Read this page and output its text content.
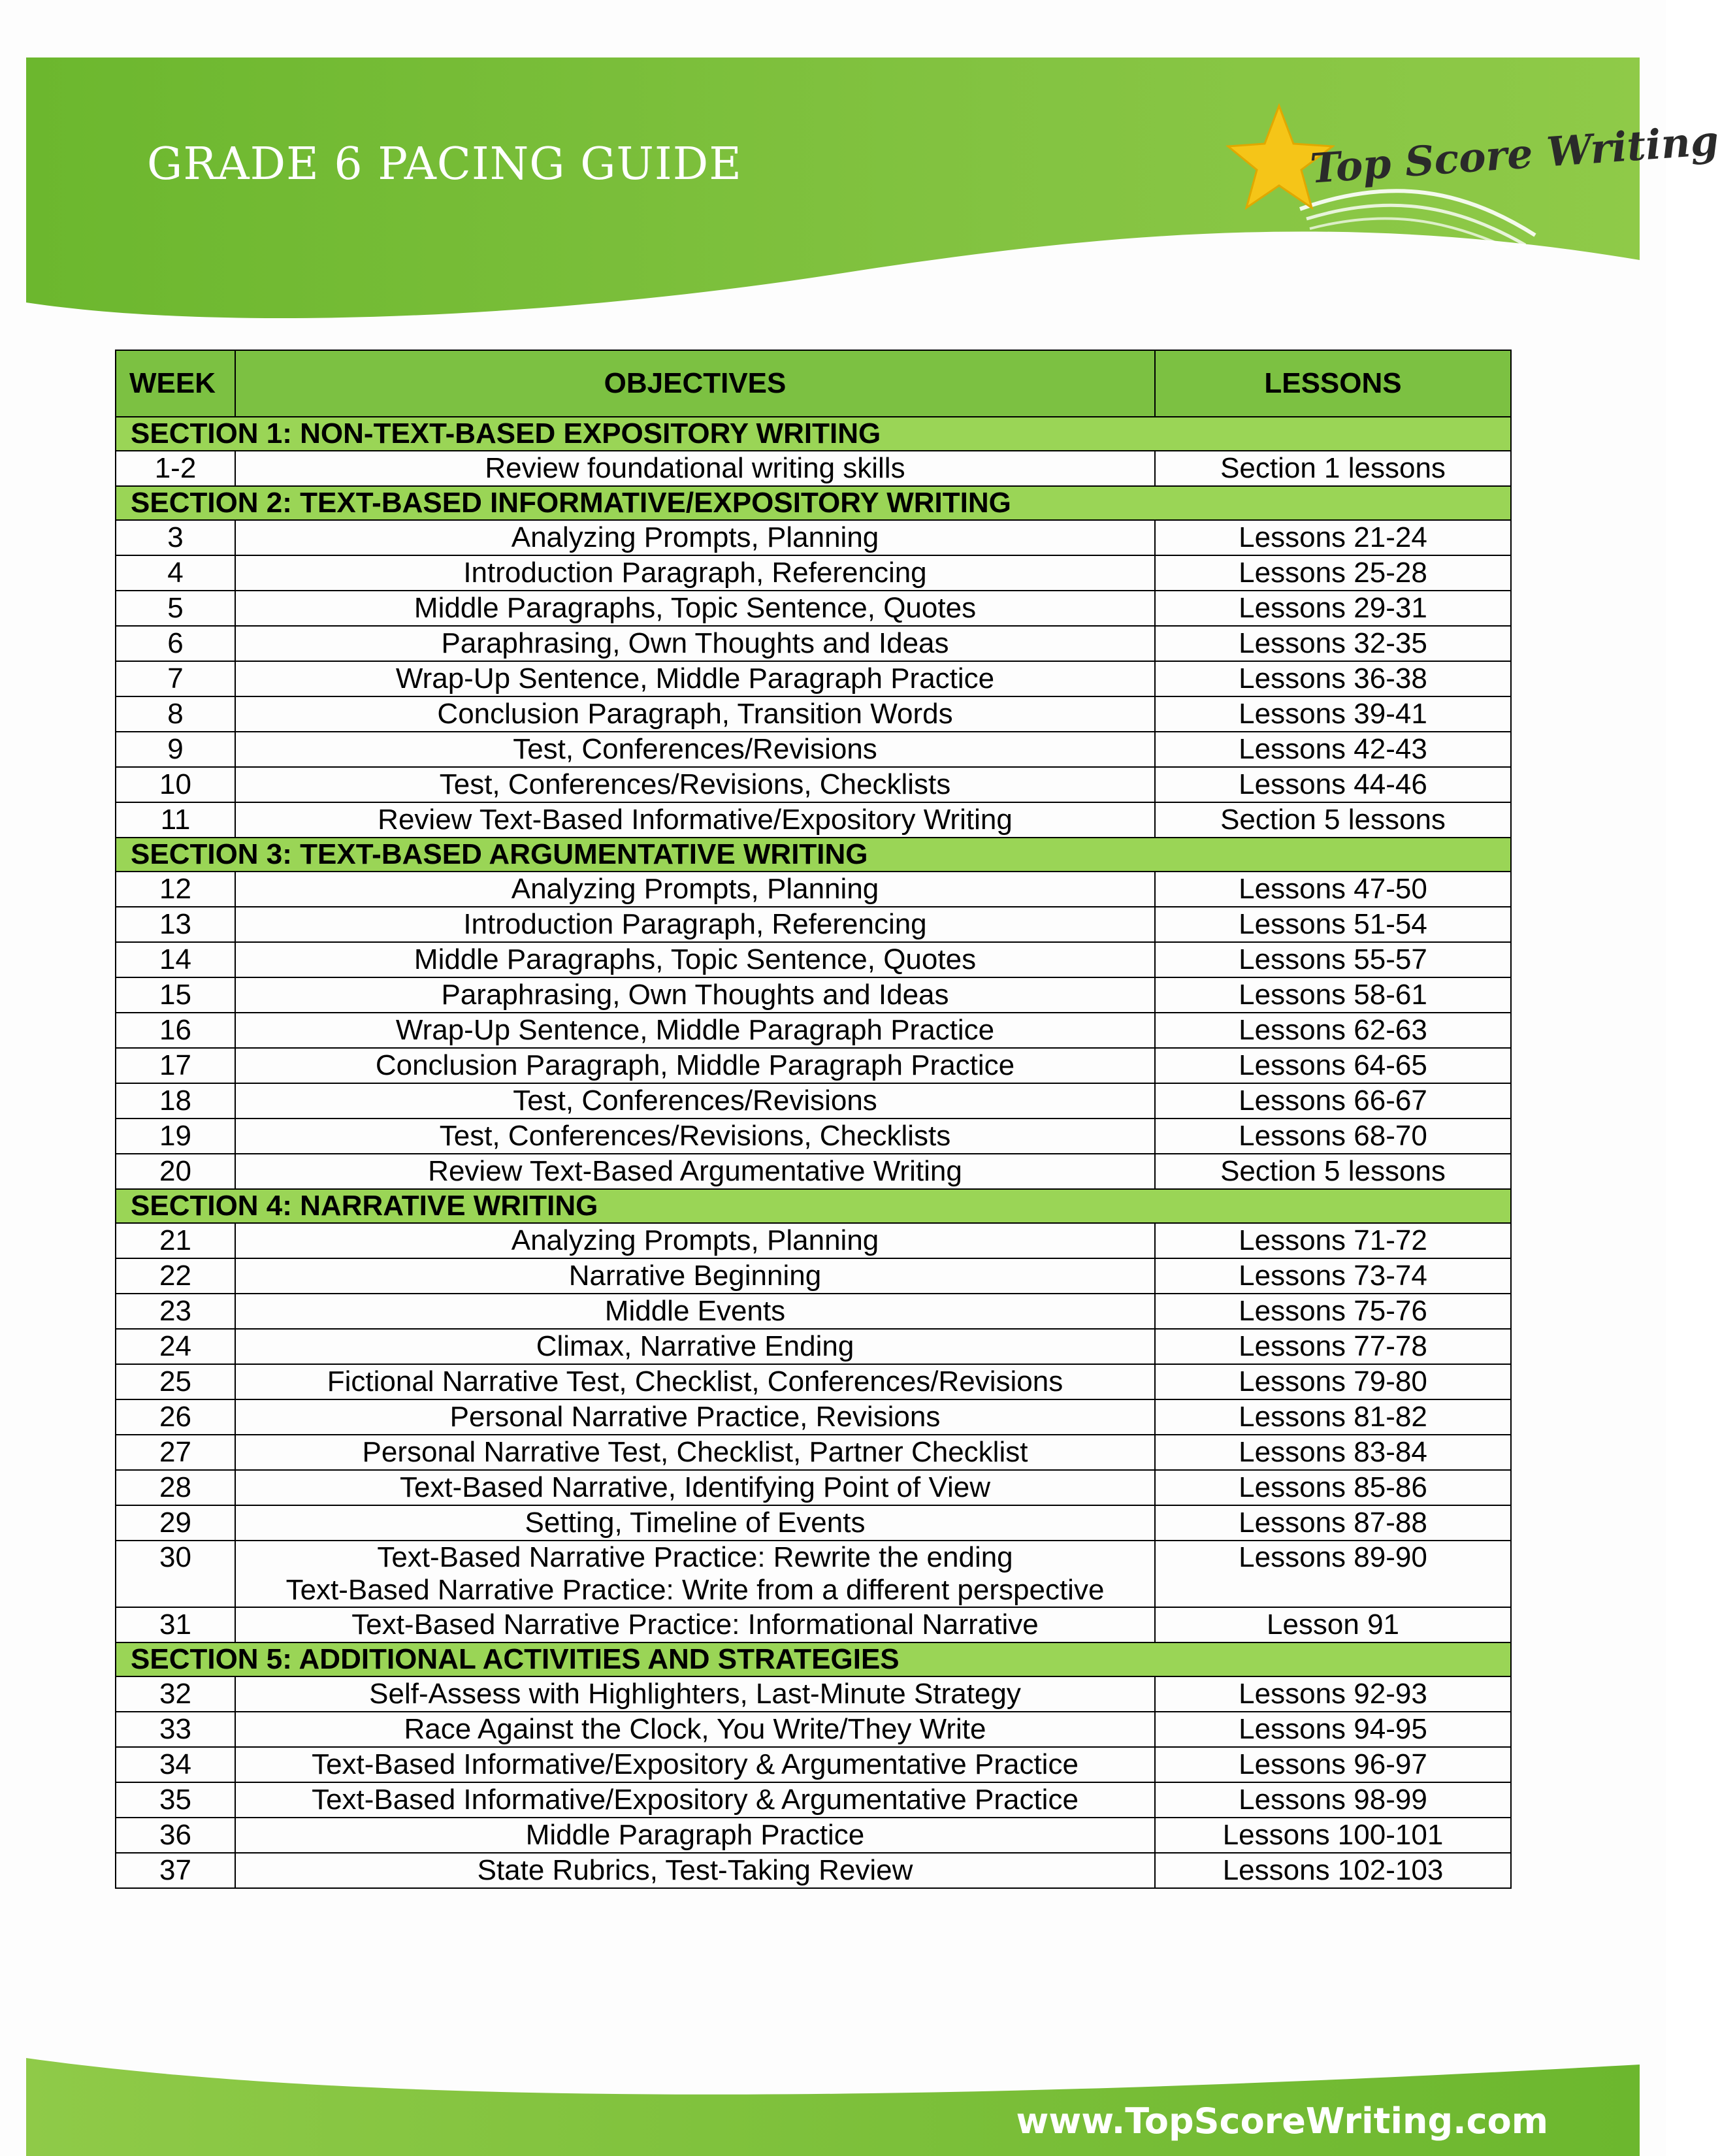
GRADE 6 PACING GUIDE	Top Score Writing
WEEK	OBJECTIVES	LESSONS
SECTION 1: NON-TEXT-BASED EXPOSITORY WRITING		
1-2	Review foundational writing skills	Section 1 lessons
SECTION 2: TEXT-BASED INFORMATIVE/EXPOSITORY WRITING		
3	Analyzing Prompts, Planning	Lessons 21-24
4	Introduction Paragraph, Referencing	Lessons 25-28
5	Middle Paragraphs, Topic Sentence, Quotes	Lessons 29-31
6	Paraphrasing, Own Thoughts and Ideas	Lessons 32-35
7	Wrap-Up Sentence, Middle Paragraph Practice	Lessons 36-38
8	Conclusion Paragraph, Transition Words	Lessons 39-41
9	Test, Conferences/Revisions	Lessons 42-43
10	Test, Conferences/Revisions, Checklists	Lessons 44-46
11	Review Text-Based Informative/Expository Writing	Section 5 lessons
SECTION 3: TEXT-BASED ARGUMENTATIVE WRITING		
12	Analyzing Prompts, Planning	Lessons 47-50
13	Introduction Paragraph, Referencing	Lessons 51-54
14	Middle Paragraphs, Topic Sentence, Quotes	Lessons 55-57
15	Paraphrasing, Own Thoughts and Ideas	Lessons 58-61
16	Wrap-Up Sentence, Middle Paragraph Practice	Lessons 62-63
17	Conclusion Paragraph, Middle Paragraph Practice	Lessons 64-65
18	Test, Conferences/Revisions	Lessons 66-67
19	Test, Conferences/Revisions, Checklists	Lessons 68-70
20	Review Text-Based Argumentative Writing	Section 5 lessons
SECTION 4: NARRATIVE WRITING		
21	Analyzing Prompts, Planning	Lessons 71-72
22	Narrative Beginning	Lessons 73-74
23	Middle Events	Lessons 75-76
24	Climax, Narrative Ending	Lessons 77-78
25	Fictional Narrative Test, Checklist, Conferences/Revisions	Lessons 79-80
26	Personal Narrative Practice, Revisions	Lessons 81-82
27	Personal Narrative Test, Checklist, Partner Checklist	Lessons 83-84
28	Text-Based Narrative, Identifying Point of View	Lessons 85-86
29	Setting, Timeline of Events	Lessons 87-88
30	Text-Based Narrative Practice: Rewrite the ending
Text-Based Narrative Practice: Write from a different perspective	Lessons 89-90
31	Text-Based Narrative Practice: Informational Narrative	Lesson 91
SECTION 5: ADDITIONAL ACTIVITIES AND STRATEGIES		
32	Self-Assess with Highlighters, Last-Minute Strategy	Lessons 92-93
33	Race Against the Clock, You Write/They Write	Lessons 94-95
34	Text-Based Informative/Expository & Argumentative Practice	Lessons 96-97
35	Text-Based Informative/Expository & Argumentative Practice	Lessons 98-99
36	Middle Paragraph Practice	Lessons 100-101
37	State Rubrics, Test-Taking Review	Lessons 102-103
www.TopScoreWriting.com
